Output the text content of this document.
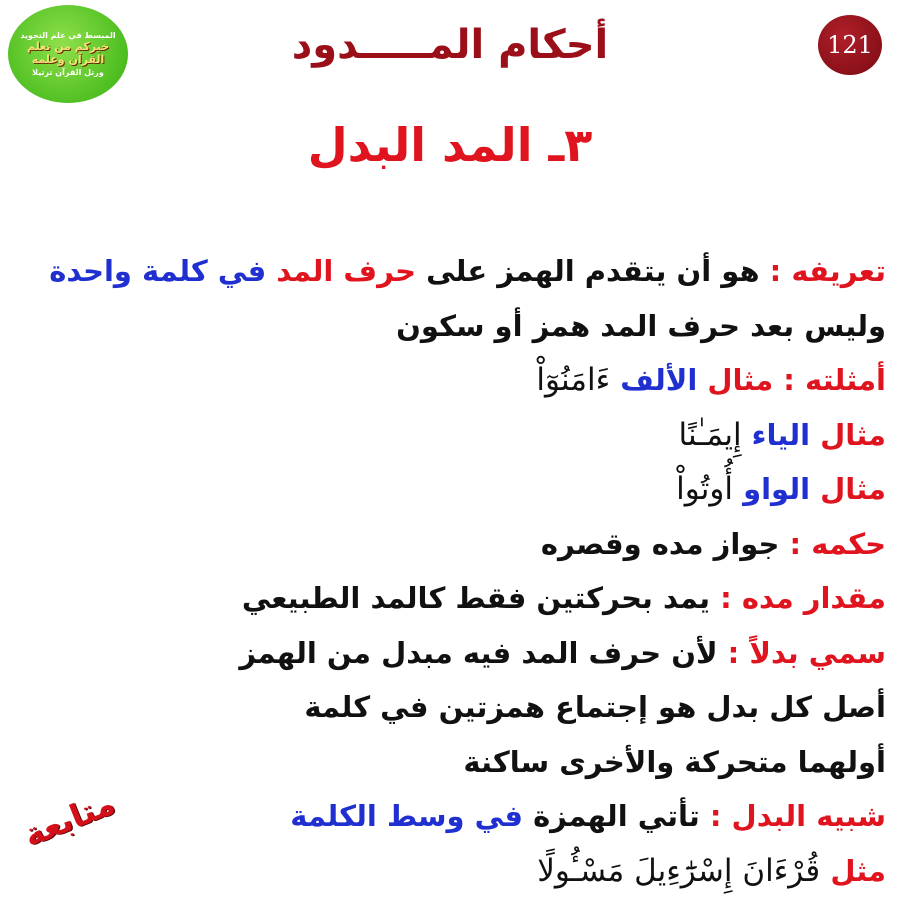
المبسط في علم التجويد
خيركم من تعلم
القرآن وعلمه
ورتل القرآن ترتيلا
121
أحكام المـــــدود
٣ـ المد البدل
تعريفه : هو أن يتقدم الهمز على حرف المد في كلمة واحدة
وليس بعد حرف المد همز أو سكون
أمثلته : مثال الألف ءَامَنُوٓاْ
مثال الياء إِيمَـٰنًا
مثال الواو أُوتُواْ
حكمه : جواز مده وقصره
مقدار مده : يمد بحركتين فقط كالمد الطبيعي
سمي بدلاً : لأن حرف المد فيه مبدل من الهمز
أصل كل بدل هو إجتماع همزتين في كلمة
أولهما متحركة والأخرى ساكنة
شبيه البدل : تأتي الهمزة في وسط الكلمة
مثل قُرْءَانَ إِسْرَٰٓءِيلَ مَسْـُٔولًا
متابعة
